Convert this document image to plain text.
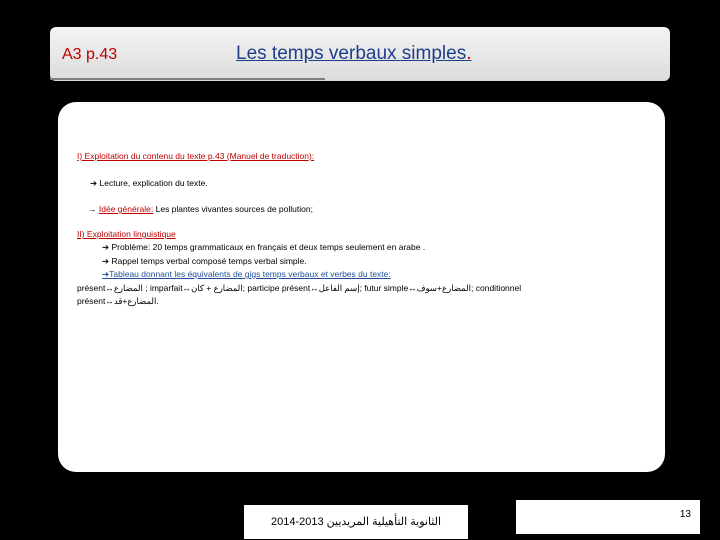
A3 p.43	Les temps verbaux simples.
I) Exploitation du contenu du texte p.43 (Manuel de traduction):
➔ Lecture, explication du texte.
→ Idée générale: Les plantes vivantes sources de pollution;
II) Exploitation linguistique
➔ Problème: 20 temps grammaticaux en français et deux temps seulement en arabe .
➔ Rappel temps verbal composé temps verbal simple.
➔Tableau donnant les équivalents de gigs temps verbaux et verbes du texte:
présent↔المضارع ; imparfait↔المضارع + كان; participe présent↔إسم الفاعل; futur simple↔المضارع+سوف; conditionnel
présent↔المضارع+قد.
2014-2013 الثانوية التأهيلية المريديين
13
